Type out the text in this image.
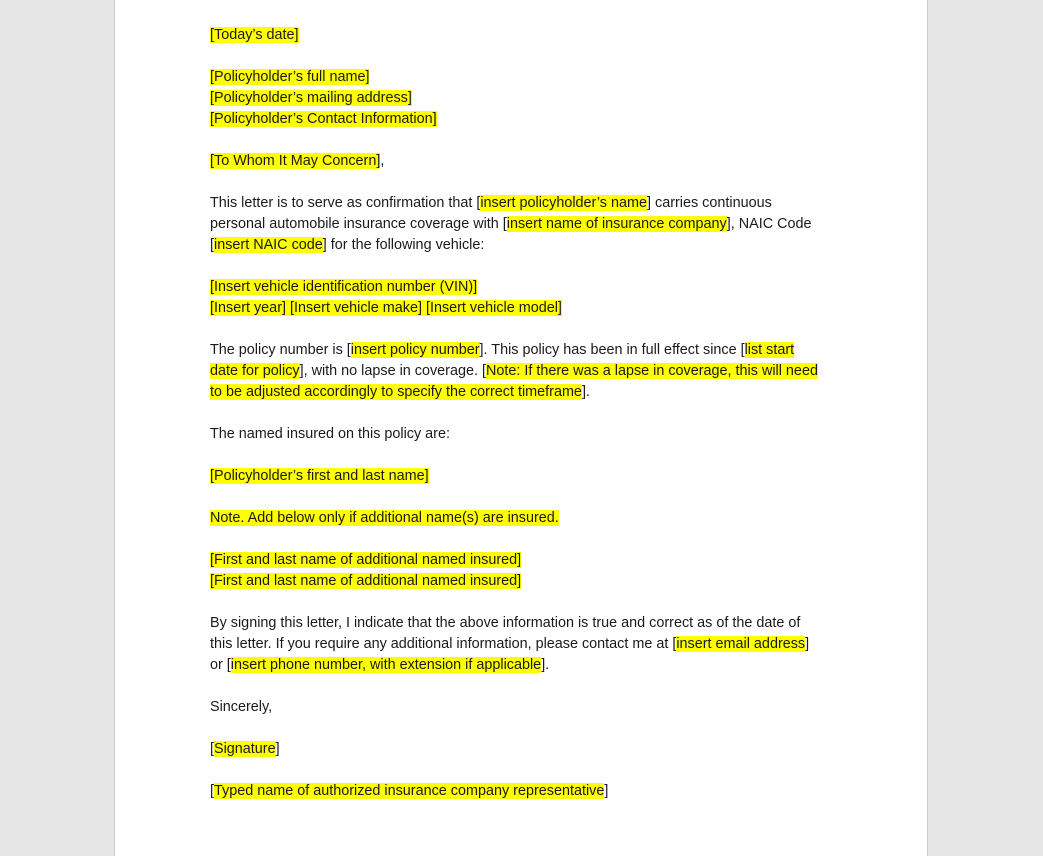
[Today’s date]
[Policyholder’s full name]
[Policyholder’s mailing address]
[Policyholder’s Contact Information]
[To Whom It May Concern],
This letter is to serve as confirmation that [insert policyholder’s name] carries continuous
personal automobile insurance coverage with [insert name of insurance company], NAIC Code
[insert NAIC code] for the following vehicle:
[Insert vehicle identification number (VIN)]
[Insert year] [Insert vehicle make] [Insert vehicle model]
The policy number is [insert policy number]. This policy has been in full effect since [list start
date for policy], with no lapse in coverage. [Note: If there was a lapse in coverage, this will need
to be adjusted accordingly to specify the correct timeframe].
The named insured on this policy are:
[Policyholder’s first and last name]
Note. Add below only if additional name(s) are insured.
[First and last name of additional named insured]
[First and last name of additional named insured]
By signing this letter, I indicate that the above information is true and correct as of the date of
this letter. If you require any additional information, please contact me at [insert email address]
or [insert phone number, with extension if applicable].
Sincerely,
[Signature]
[Typed name of authorized insurance company representative]
